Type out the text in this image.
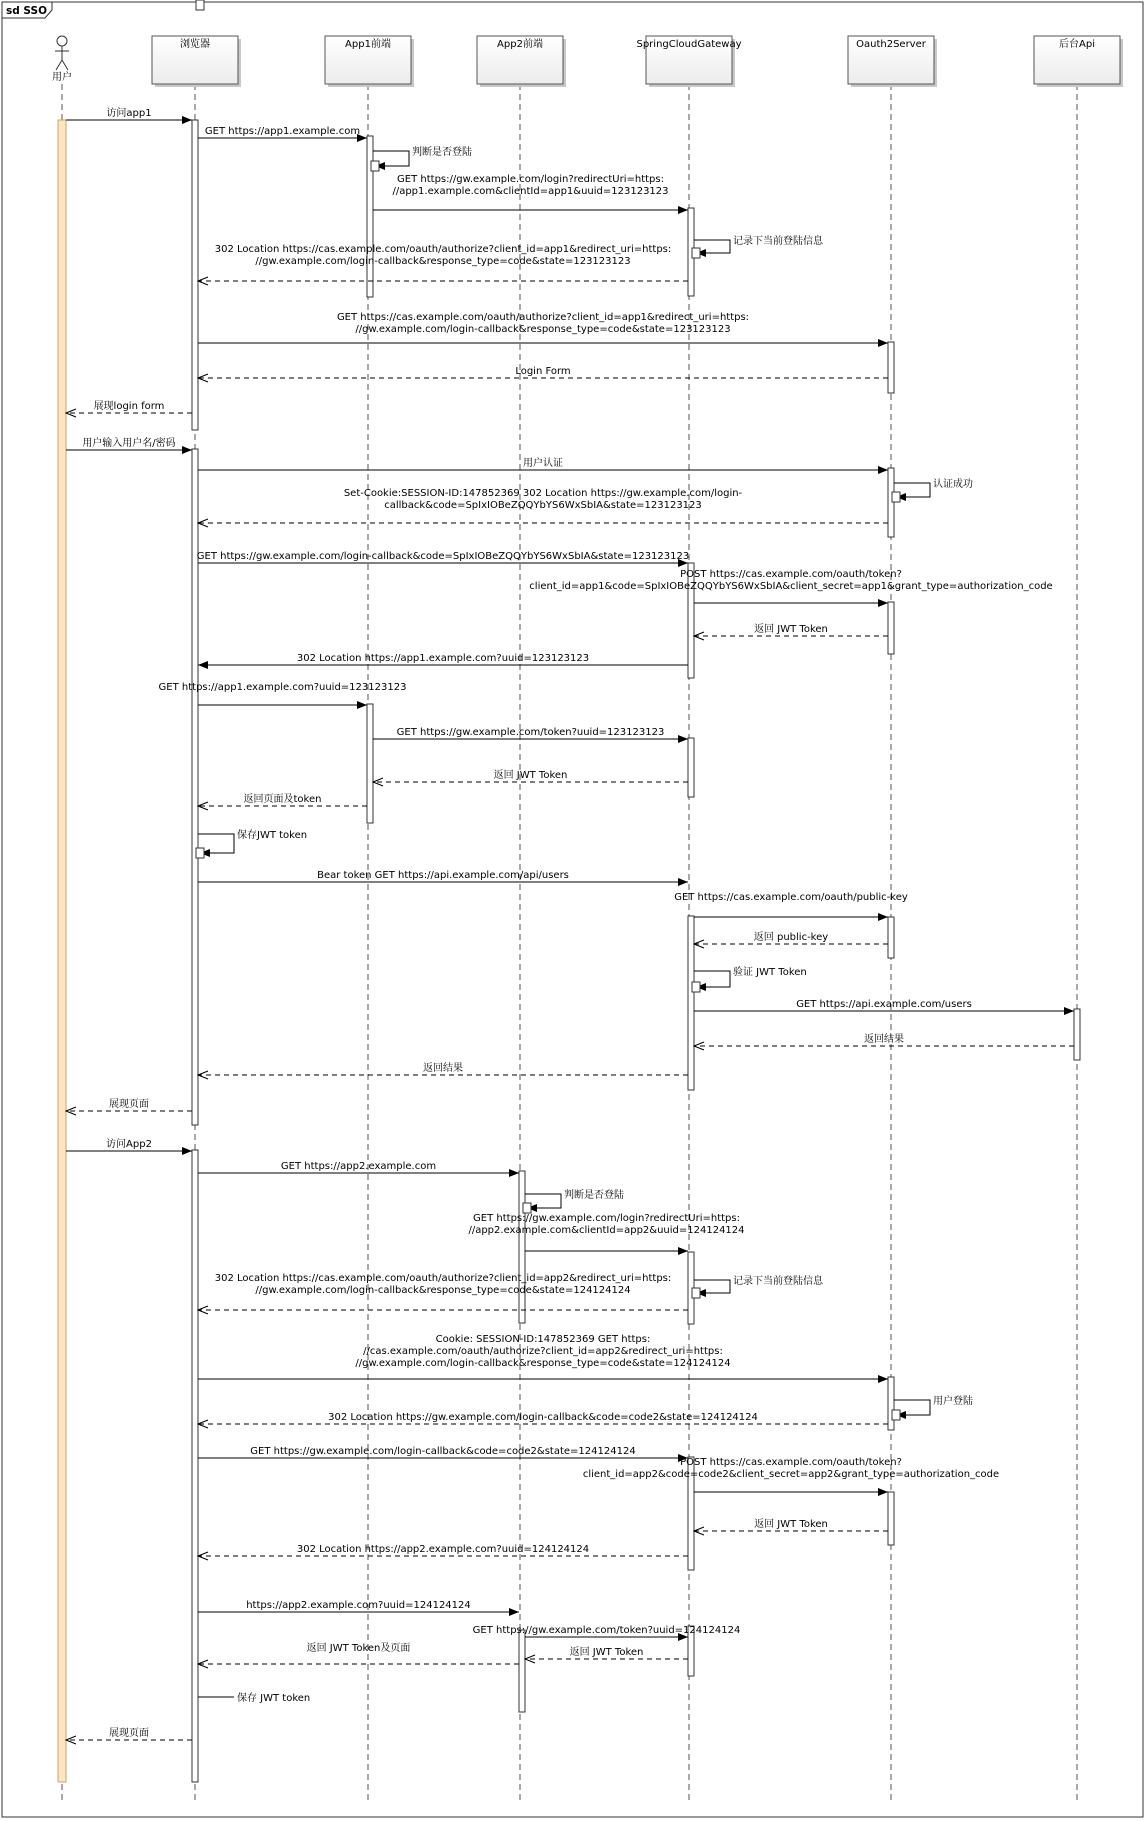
sd SSO
访问app1
GET https://app1.example.com
判断是否登陆
GET https://gw.example.com/login?redirectUri=https:
//app1.example.com&clientId=app1&uuid=123123123
记录下当前登陆信息
302 Location https://cas.example.com/oauth/authorize?client_id=app1&redirect_uri=https:
//gw.example.com/login-callback&response_type=code&state=123123123
GET https://cas.example.com/oauth/authorize?client_id=app1&redirect_uri=https:
//gw.example.com/login-callback&response_type=code&state=123123123
Login Form
展现login form
用户输入用户名/密码
用户认证
认证成功
Set-Cookie:SESSION-ID:147852369 302 Location https://gw.example.com/login-
callback&code=SpIxIOBeZQQYbYS6WxSbIA&state=123123123
GET https://gw.example.com/login-callback&code=SpIxIOBeZQQYbYS6WxSbIA&state=123123123
POST https://cas.example.com/oauth/token?
client_id=app1&code=SpIxIOBeZQQYbYS6WxSbIA&client_secret=app1&grant_type=authorization_code
返回 JWT Token
302 Location https://app1.example.com?uuid=123123123
GET https://app1.example.com?uuid=123123123
GET https://gw.example.com/token?uuid=123123123
返回 JWT Token
返回页面及token
保存JWT token
Bear token GET https://api.example.com/api/users
GET https://cas.example.com/oauth/public-key
返回 public-key
验证 JWT Token
GET https://api.example.com/users
返回结果
返回结果
展现页面
访问App2
GET https://app2.example.com
判断是否登陆
GET https://gw.example.com/login?redirectUri=https:
//app2.example.com&clientId=app2&uuid=124124124
记录下当前登陆信息
302 Location https://cas.example.com/oauth/authorize?client_id=app2&redirect_uri=https:
//gw.example.com/login-callback&response_type=code&state=124124124
Cookie: SESSION-ID:147852369 GET https:
//cas.example.com/oauth/authorize?client_id=app2&redirect_uri=https:
//gw.example.com/login-callback&response_type=code&state=124124124
用户登陆
302 Location https://gw.example.com/login-callback&code=code2&state=124124124
GET https://gw.example.com/login-callback&code=code2&state=124124124
POST https://cas.example.com/oauth/token?
client_id=app2&code=code2&client_secret=app2&grant_type=authorization_code
返回 JWT Token
302 Location https://app2.example.com?uuid=124124124
https://app2.example.com?uuid=124124124
GET https://gw.example.com/token?uuid=124124124
返回 JWT Token
返回 JWT Token及页面
保存 JWT token
展现页面
用户
浏览器	App1前端	App2前端	SpringCloudGateway	Oauth2Server	后台Api
